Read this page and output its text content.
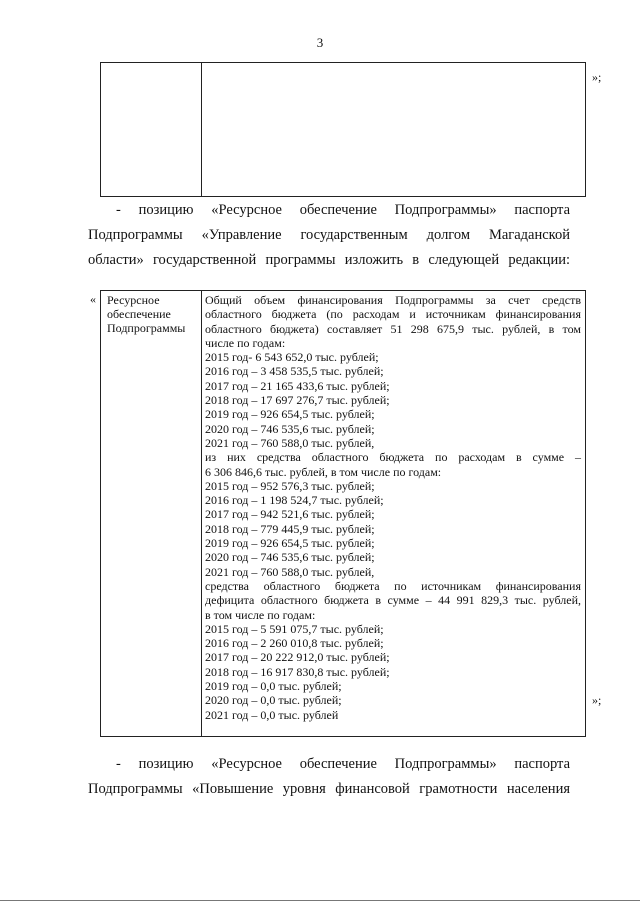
3
»;
- позицию «Ресурсное обеспечение Подпрограммы» паспорта
Подпрограммы «Управление государственным долгом Магаданской
области» государственной программы изложить в следующей редакции:
« Ресурсное
обеспечение
Подпрограммы
Общий объем финансирования Подпрограммы за счет средств
областного бюджета (по расходам и источникам финансирования
областного бюджета) составляет 51 298 675,9 тыс. рублей, в том
числе по годам:
2015 год- 6 543 652,0 тыс. рублей;
2016 год – 3 458 535,5 тыс. рублей;
2017 год – 21 165 433,6 тыс. рублей;
2018 год – 17 697 276,7 тыс. рублей;
2019 год – 926 654,5 тыс. рублей;
2020 год – 746 535,6 тыс. рублей;
2021 год – 760 588,0 тыс. рублей,
из них средства областного бюджета по расходам в сумме –
6 306 846,6 тыс. рублей, в том числе по годам:
2015 год – 952 576,3 тыс. рублей;
2016 год – 1 198 524,7 тыс. рублей;
2017 год – 942 521,6 тыс. рублей;
2018 год – 779 445,9 тыс. рублей;
2019 год – 926 654,5 тыс. рублей;
2020 год – 746 535,6 тыс. рублей;
2021 год – 760 588,0 тыс. рублей,
средства областного бюджета по источникам финансирования
дефицита областного бюджета в сумме – 44 991 829,3 тыс. рублей,
в том числе по годам:
2015 год – 5 591 075,7 тыс. рублей;
2016 год – 2 260 010,8 тыс. рублей;
2017 год – 20 222 912,0 тыс. рублей;
2018 год – 16 917 830,8 тыс. рублей;
2019 год – 0,0 тыс. рублей;
2020 год – 0,0 тыс. рублей;
2021 год – 0,0 тыс. рублей
»;
- позицию «Ресурсное обеспечение Подпрограммы» паспорта
Подпрограммы «Повышение уровня финансовой грамотности населения
